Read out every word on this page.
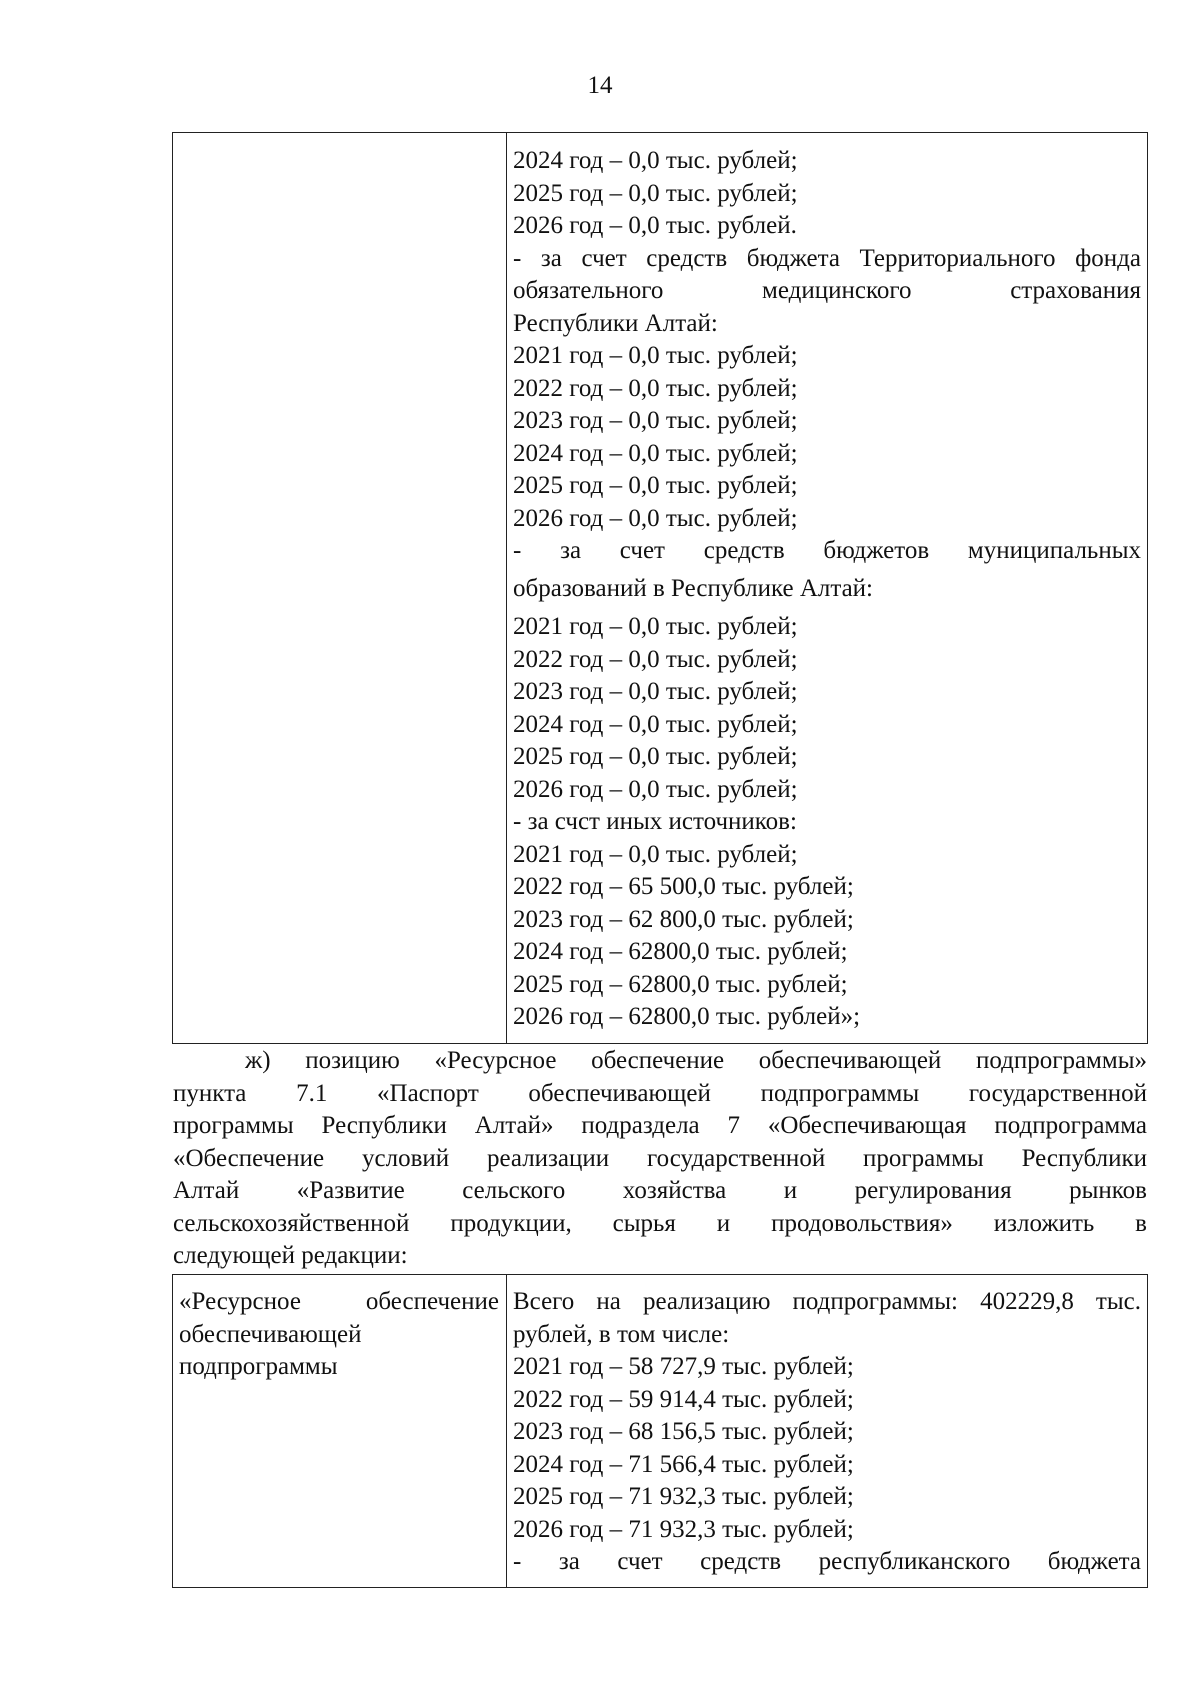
14
2024 год – 0,0 тыс. рублей;
2025 год – 0,0 тыс. рублей;
2026 год – 0,0 тыс. рублей.
- за счет средств бюджета Территориального фонда
обязательного медицинского страхования
Республики Алтай:
2021 год – 0,0 тыс. рублей;
2022 год – 0,0 тыс. рублей;
2023 год – 0,0 тыс. рублей;
2024 год – 0,0 тыс. рублей;
2025 год – 0,0 тыс. рублей;
2026 год – 0,0 тыс. рублей;
- за счет средств бюджетов муниципальных
образований в Республике Алтай:
2021 год – 0,0 тыс. рублей;
2022 год – 0,0 тыс. рублей;
2023 год – 0,0 тыс. рублей;
2024 год – 0,0 тыс. рублей;
2025 год – 0,0 тыс. рублей;
2026 год – 0,0 тыс. рублей;
- за счст иных источников:
2021 год – 0,0 тыс. рублей;
2022 год – 65 500,0 тыс. рублей;
2023 год – 62 800,0 тыс. рублей;
2024 год – 62800,0 тыс. рублей;
2025 год – 62800,0 тыс. рублей;
2026 год – 62800,0 тыс. рублей»;
ж) позицию «Ресурсное обеспечение обеспечивающей подпрограммы»
пункта 7.1 «Паспорт обеспечивающей подпрограммы государственной
программы Республики Алтай» подраздела 7 «Обеспечивающая подпрограмма
«Обеспечение условий реализации государственной программы Республики
Алтай «Развитие сельского хозяйства и регулирования рынков
сельскохозяйственной продукции, сырья и продовольствия» изложить в
следующей редакции:
«Ресурсное обеспечение
обеспечивающей
подпрограммы
Всего на реализацию подпрограммы: 402229,8 тыс.
рублей, в том числе:
2021 год – 58 727,9 тыс. рублей;
2022 год – 59 914,4 тыс. рублей;
2023 год – 68 156,5 тыс. рублей;
2024 год – 71 566,4 тыс. рублей;
2025 год – 71 932,3 тыс. рублей;
2026 год – 71 932,3 тыс. рублей;
- за счет средств республиканского бюджета
